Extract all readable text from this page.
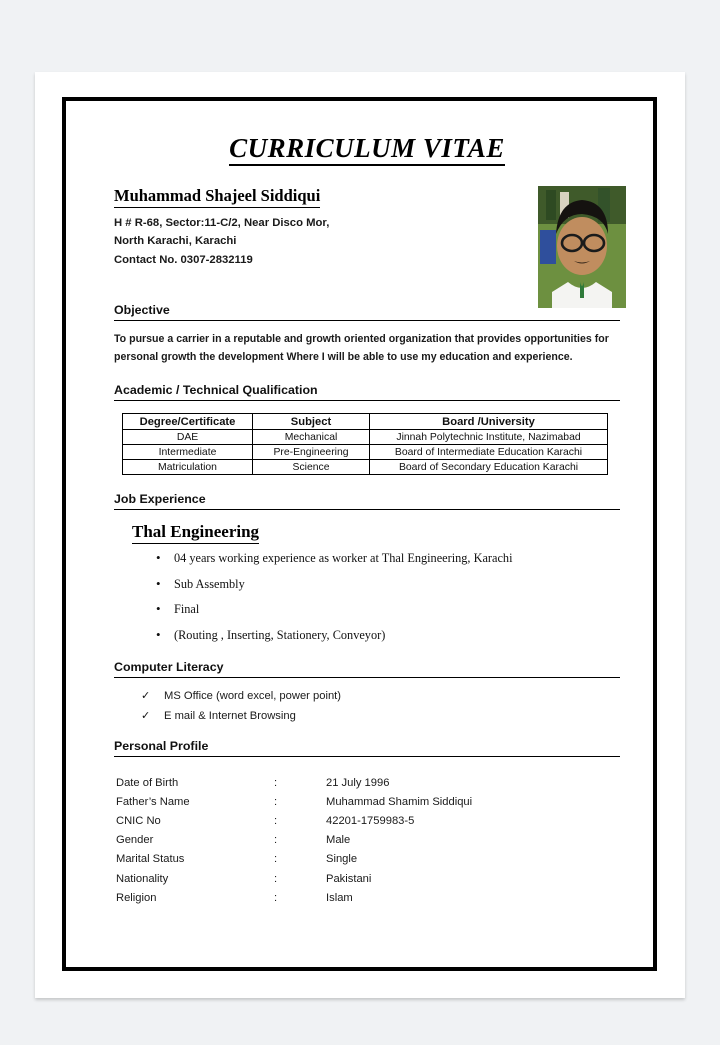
CURRICULUM VITAE
Muhammad Shajeel Siddiqui
H # R-68, Sector:11-C/2, Near Disco Mor,
North Karachi, Karachi
Contact No. 0307-2832119
Objective
To pursue a carrier in a reputable and growth oriented organization that provides opportunities for personal growth the development Where I will be able to use my education and experience.
Academic / Technical Qualification
Degree/Certificate	Subject	Board /University
DAE	Mechanical	Jinnah Polytechnic Institute, Nazimabad
Intermediate	Pre-Engineering	Board of Intermediate Education Karachi
Matriculation	Science	Board of Secondary Education Karachi
Job Experience
Thal Engineering
• 04 years working experience as worker at Thal Engineering, Karachi
• Sub Assembly
• Final
• (Routing , Inserting, Stationery, Conveyor)
Computer Literacy
✓ MS Office (word excel, power point)
✓ E mail & Internet Browsing
Personal Profile
Date of Birth	:	21 July 1996
Father’s Name	:	Muhammad Shamim Siddiqui
CNIC No	:	42201-1759983-5
Gender	:	Male
Marital Status	:	Single
Nationality	:	Pakistani
Religion	:	Islam
